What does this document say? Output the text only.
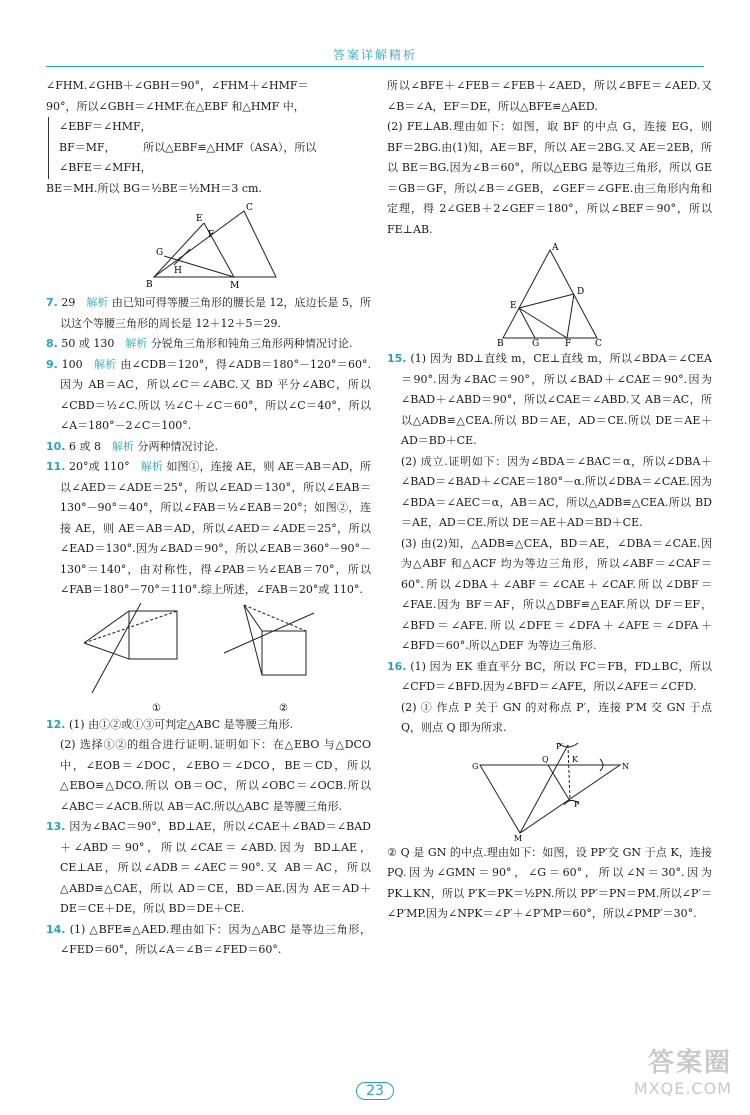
答案详解精析

∠FHM.∠GHB＋∠GBH＝90°，∠FHM＋∠HMF＝

90°，所以∠GBH＝∠HMF.在△EBF 和△HMF 中，

∠EBF＝∠HMF，
BF＝MF，　　　所以△EBF≌△HMF（ASA），所以
∠BFE＝∠MFH，

BE＝MH.所以 BG＝½BE＝½MH＝3 cm.

C
E
F
G
H
B	M

7. 29　 解析 由已知可得等腰三角形的腰长是 12，底边长是 5，所以这个等腰三角形的周长是 12＋12＋5＝29.

8. 50 或 130　 解析 分锐角三角形和钝角三角形两种情况讨论.

9. 100　 解析 由∠CDB＝120°，得∠ADB＝180°－120°＝60°.因为 AB＝AC，所以∠C＝∠ABC.又 BD 平分∠ABC，所以∠CBD＝½∠C.所以 ½∠C＋∠C＝60°，所以∠C＝40°，所以∠A＝180°－2∠C＝100°.

10. 6 或 8　 解析 分两种情况讨论.

11. 20°或 110°　 解析 如图①，连接 AE，则 AE＝AB＝AD，所以∠AED＝∠ADE＝25°，所以∠EAD＝130°，所以∠EAB＝130°－90°＝40°，所以∠FAB＝½∠EAB＝20°；如图②，连接 AE，则 AE＝AB＝AD，所以∠AED＝∠ADE＝25°，所以∠EAD＝130°.因为∠BAD＝90°，所以∠EAB＝360°－90°－130°＝140°，由对称性，得∠PAB＝½∠EAB＝70°，所以∠FAB＝180°－70°＝110°.综上所述，∠FAB＝20°或 110°.

①	②

12. (1) 由①②或①③可判定△ABC 是等腰三角形.

(2) 选择①②的组合进行证明.证明如下：在△EBO 与△DCO 中，∠EOB＝∠DOC，∠EBO＝∠DCO，BE＝CD，所以△EBO≌△DCO.所以 OB＝OC，所以∠OBC＝∠OCB.所以∠ABC＝∠ACB.所以 AB＝AC.所以△ABC 是等腰三角形.

13. 因为∠BAC＝90°，BD⊥AE，所以∠CAE＋∠BAD＝∠BAD＋∠ABD＝90°，所以∠CAE＝∠ABD.因为 BD⊥AE，CE⊥AE，所以∠ADB＝∠AEC＝90°.又 AB＝AC，所以△ABD≌△CAE，所以 AD＝CE，BD＝AE.因为 AE＝AD＋DE＝CE＋DE，所以 BD＝DE＋CE.

14. (1) △BFE≌△AED.理由如下：因为△ABC 是等边三角形，∠FED＝60°，所以∠A＝∠B＝∠FED＝60°.

所以∠BFE＋∠FEB＝∠FEB＋∠AED，所以∠BFE＝∠AED.又∠B＝∠A，EF＝DE，所以△BFE≌△AED.

(2) FE⊥AB.理由如下：如图，取 BF 的中点 G，连接 EG，则 BF＝2BG.由(1)知，AE＝BF，所以 AE＝2BG.又 AE＝2EB，所以 BE＝BG.因为∠B＝60°，所以△EBG 是等边三角形，所以 GE＝GB＝GF，所以∠B＝∠GEB，∠GEF＝∠GFE.由三角形内角和定理，得 2∠GEB＋2∠GEF＝180°，所以∠BEF＝90°，所以 FE⊥AB.

A
D
E
B	G	F	C

15. (1) 因为 BD⊥直线 m，CE⊥直线 m，所以∠BDA＝∠CEA＝90°.因为∠BAC＝90°，所以∠BAD＋∠CAE＝90°.因为∠BAD＋∠ABD＝90°，所以∠CAE＝∠ABD.又 AB＝AC，所以△ADB≌△CEA.所以 BD＝AE，AD＝CE.所以 DE＝AE＋AD＝BD＋CE.

(2) 成立.证明如下：因为∠BDA＝∠BAC＝α，所以∠DBA＋∠BAD＝∠BAD＋∠CAE＝180°－α.所以∠DBA＝∠CAE.因为∠BDA＝∠AEC＝α，AB＝AC，所以△ADB≌△CEA.所以 BD＝AE，AD＝CE.所以 DE＝AE＋AD＝BD＋CE.

(3) 由(2)知，△ADB≌△CEA，BD＝AE，∠DBA＝∠CAE.因为△ABF 和△ACF 均为等边三角形，所以∠ABF＝∠CAF＝60°.所以∠DBA＋∠ABF＝∠CAE＋∠CAF.所以∠DBF＝∠FAE.因为 BF＝AF，所以△DBF≌△EAF.所以 DF＝EF，∠BFD＝∠AFE.所以∠DFE＝∠DFA＋∠AFE＝∠DFA＋∠BFD＝60°.所以△DEF 为等边三角形.

16. (1) 因为 EK 垂直平分 BC，所以 FC＝FB，FD⊥BC，所以∠CFD＝∠BFD.因为∠BFD＝∠AFE，所以∠AFE＝∠CFD.

(2) ① 作点 P 关于 GN 的对称点 P′，连接 P′M 交 GN 于点 Q，则点 Q 即为所求.

P′
G
Q	K
N
P
M

② Q 是 GN 的中点.理由如下：如图，设 PP′交 GN 于点 K，连接 PQ.因为∠GMN＝90°，∠G＝60°，所以∠N＝30°.因为 PK⊥KN，所以 P′K＝PK＝½PN.所以 PP′＝PN＝PM.所以∠P′＝∠P′MP.因为∠NPK＝∠P′＋∠P′MP＝60°，所以∠PMP′＝30°.

23
答案圈
MXQE.COM
